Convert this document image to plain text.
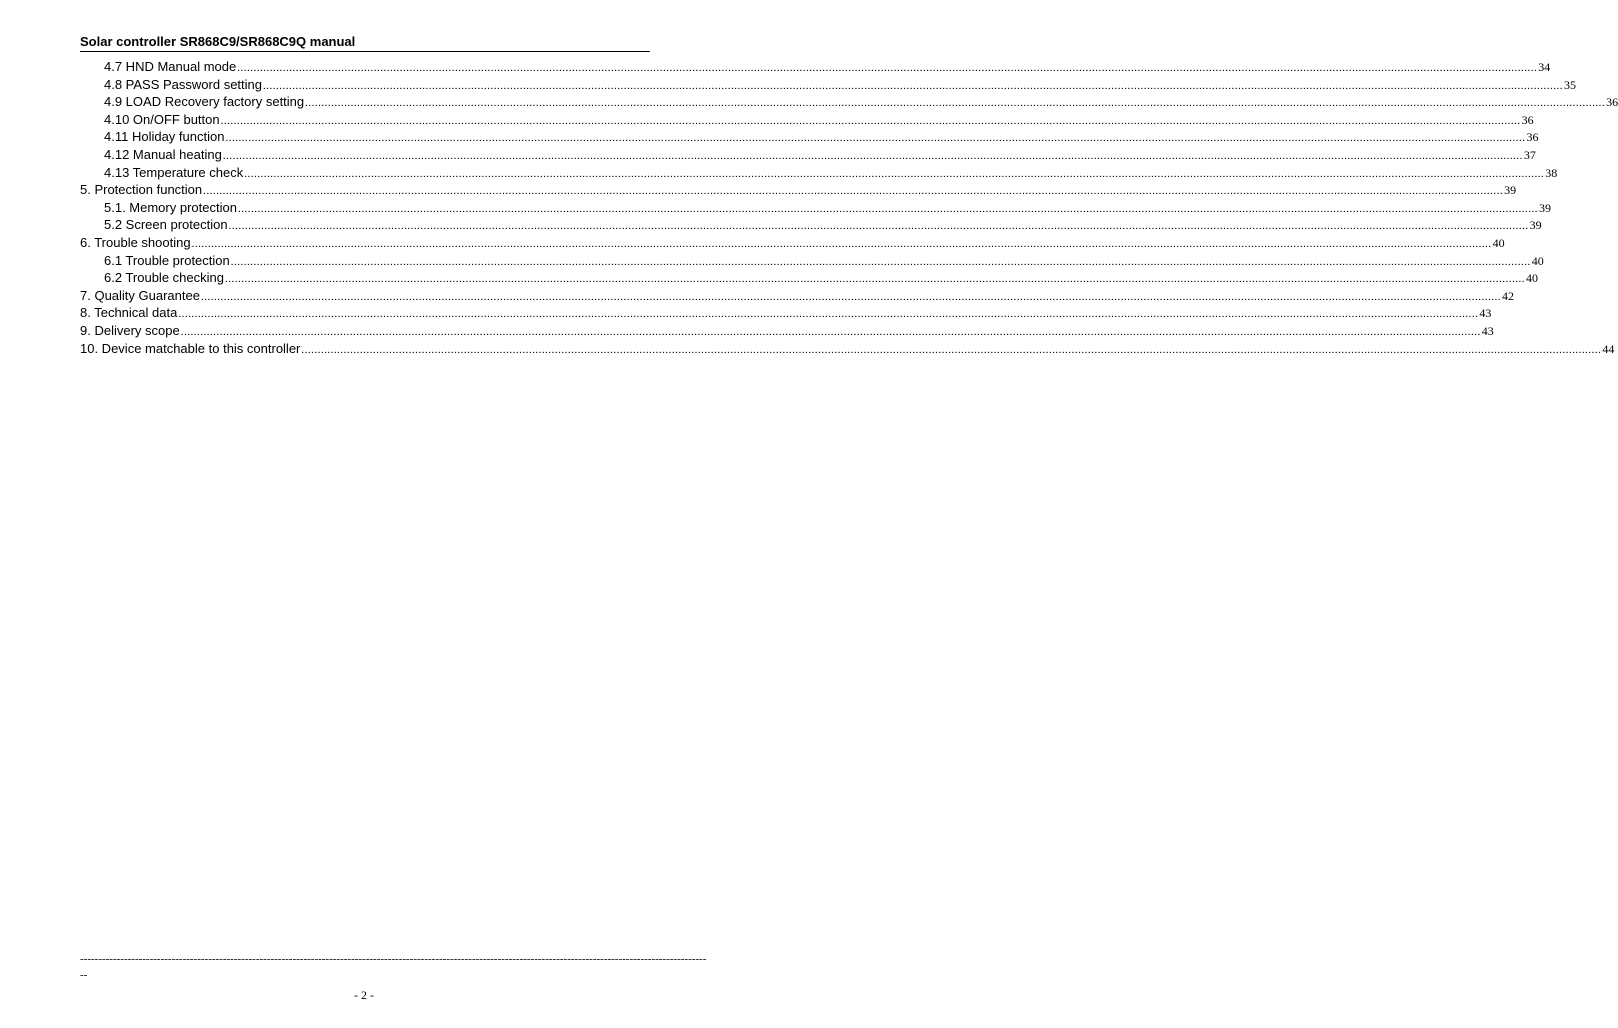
Solar controller SR868C9/SR868C9Q manual
4.7 HND Manual mode ................................................................................................................................................................................................................................................................................................................................................................................................................ 34
4.8 PASS Password setting ................................................................................................................................................................................................................................................................................................................................................................................................................ 35
4.9 LOAD Recovery factory setting ................................................................................................................................................................................................................................................................................................................................................................................................................ 36
4.10 On/OFF button ................................................................................................................................................................................................................................................................................................................................................................................................................ 36
4.11 Holiday function ................................................................................................................................................................................................................................................................................................................................................................................................................ 36
4.12 Manual heating ................................................................................................................................................................................................................................................................................................................................................................................................................ 37
4.13 Temperature check ................................................................................................................................................................................................................................................................................................................................................................................................................ 38
5. Protection function ................................................................................................................................................................................................................................................................................................................................................................................................................ 39
5.1. Memory protection ................................................................................................................................................................................................................................................................................................................................................................................................................ 39
5.2 Screen protection ................................................................................................................................................................................................................................................................................................................................................................................................................ 39
6. Trouble shooting ................................................................................................................................................................................................................................................................................................................................................................................................................ 40
6.1 Trouble protection ................................................................................................................................................................................................................................................................................................................................................................................................................ 40
6.2 Trouble checking ................................................................................................................................................................................................................................................................................................................................................................................................................ 40
7. Quality Guarantee ................................................................................................................................................................................................................................................................................................................................................................................................................ 42
8. Technical data ................................................................................................................................................................................................................................................................................................................................................................................................................ 43
9. Delivery scope ................................................................................................................................................................................................................................................................................................................................................................................................................ 43
10. Device matchable to this controller ................................................................................................................................................................................................................................................................................................................................................................................................................ 44
---------------------------------------------------------------------------------------------------------------------------------------------------------------------------
--
- 2 -
